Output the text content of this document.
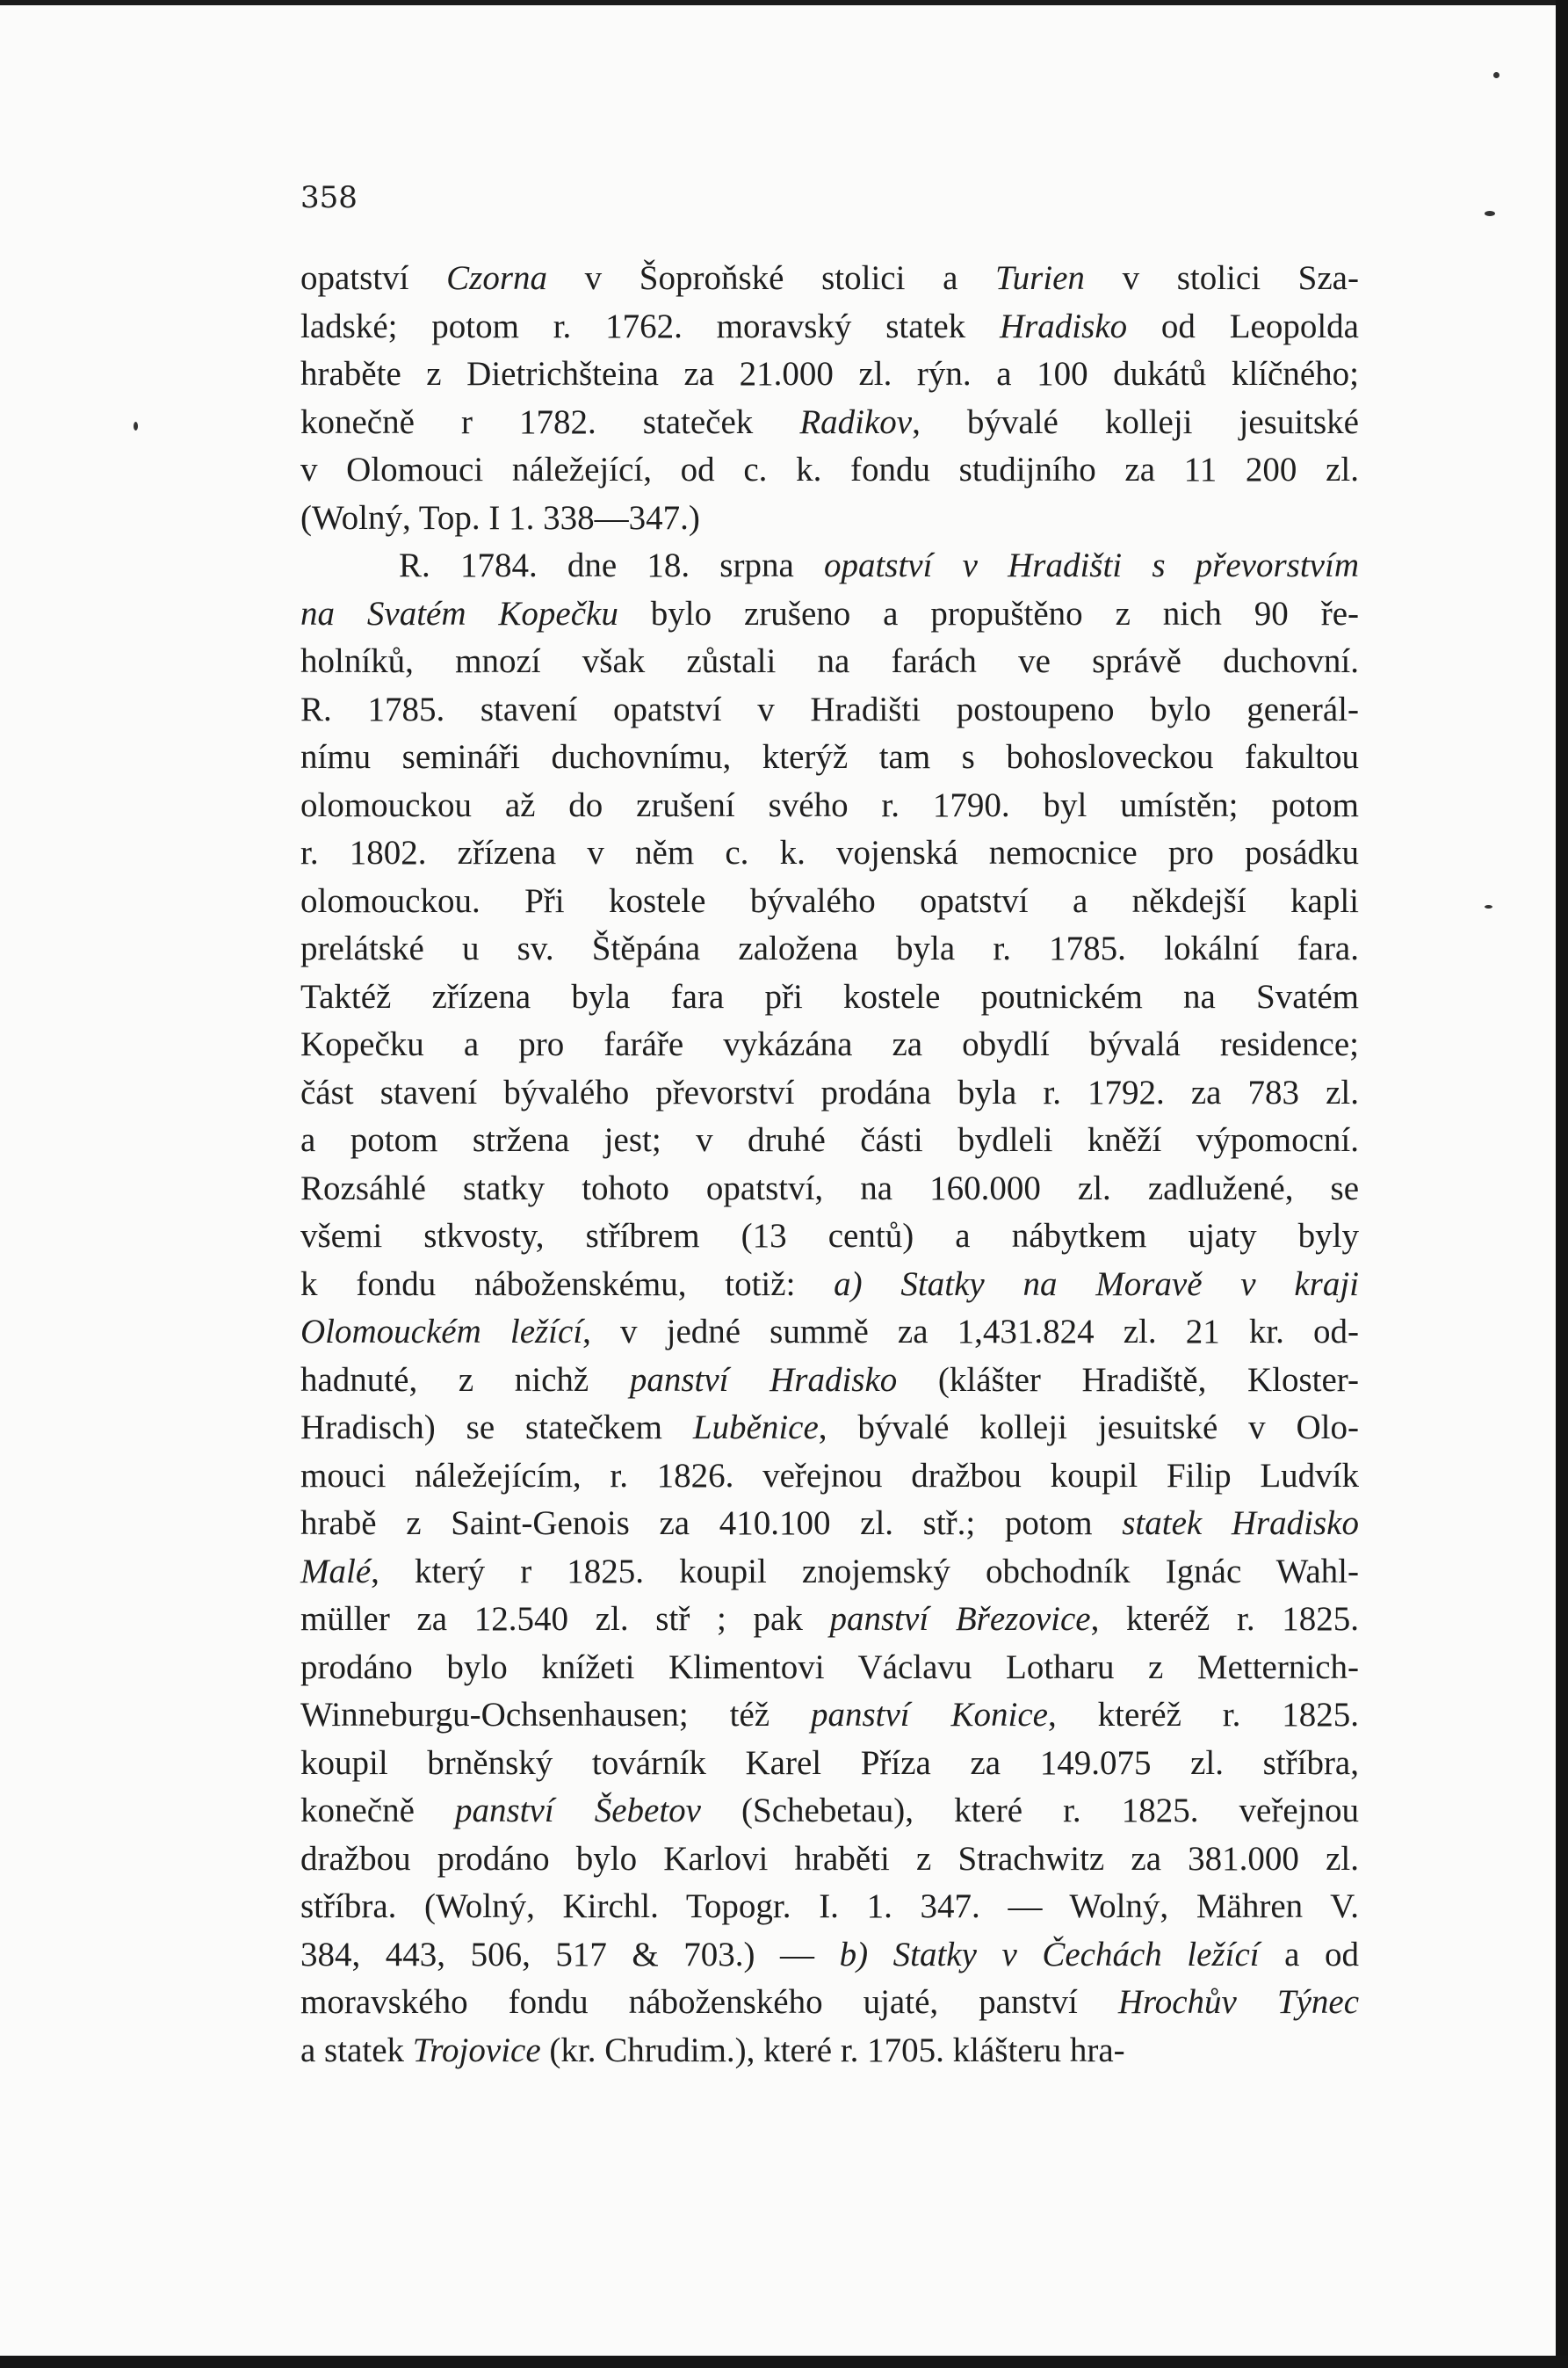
358
opatství Czorna v Šoproňské stolici a Turien v stolici Sza-
ladské; potom r. 1762. moravský statek Hradisko od Leopolda
hraběte z Dietrichšteina za 21.000 zl. rýn. a 100 dukátů klíčného;
konečně r 1782. stateček Radikov, bývalé kolleji jesuitské
v Olomouci náležející, od c. k. fondu studijního za 11 200 zl.
(Wolný, Top. I 1. 338—347.)
R. 1784. dne 18. srpna opatství v Hradišti s převorstvím
na Svatém Kopečku bylo zrušeno a propuštěno z nich 90 ře-
holníků, mnozí však zůstali na farách ve správě duchovní.
R. 1785. stavení opatství v Hradišti postoupeno bylo generál-
nímu semináři duchovnímu, kterýž tam s bohosloveckou fakultou
olomouckou až do zrušení svého r. 1790. byl umístěn; potom
r. 1802. zřízena v něm c. k. vojenská nemocnice pro posádku
olomouckou. Při kostele bývalého opatství a někdejší kapli
prelátské u sv. Štěpána založena byla r. 1785. lokální fara.
Taktéž zřízena byla fara při kostele poutnickém na Svatém
Kopečku a pro faráře vykázána za obydlí bývalá residence;
část stavení bývalého převorství prodána byla r. 1792. za 783 zl.
a potom stržena jest; v druhé části bydleli kněží výpomocní.
Rozsáhlé statky tohoto opatství, na 160.000 zl. zadlužené, se
všemi stkvosty, stříbrem (13 centů) a nábytkem ujaty byly
k fondu náboženskému, totiž: a) Statky na Moravě v kraji
Olomouckém ležící, v jedné summě za 1,431.824 zl. 21 kr. od-
hadnuté, z nichž panství Hradisko (klášter Hradiště, Kloster-
Hradisch) se statečkem Luběnice, bývalé kolleji jesuitské v Olo-
mouci náležejícím, r. 1826. veřejnou dražbou koupil Filip Ludvík
hrabě z Saint-Genois za 410.100 zl. stř.; potom statek Hradisko
Malé, který r 1825. koupil znojemský obchodník Ignác Wahl-
müller za 12.540 zl. stř ; pak panství Březovice, kteréž r. 1825.
prodáno bylo knížeti Klimentovi Václavu Lotharu z Metternich-
Winneburgu-Ochsenhausen; též panství Konice, kteréž r. 1825.
koupil brněnský továrník Karel Příza za 149.075 zl. stříbra,
konečně panství Šebetov (Schebetau), které r. 1825. veřejnou
dražbou prodáno bylo Karlovi hraběti z Strachwitz za 381.000 zl.
stříbra. (Wolný, Kirchl. Topogr. I. 1. 347. — Wolný, Mähren V.
384, 443, 506, 517 & 703.) — b) Statky v Čechách ležící a od
moravského fondu náboženského ujaté, panství Hrochův Týnec
a statek Trojovice (kr. Chrudim.), které r. 1705. klášteru hra-
